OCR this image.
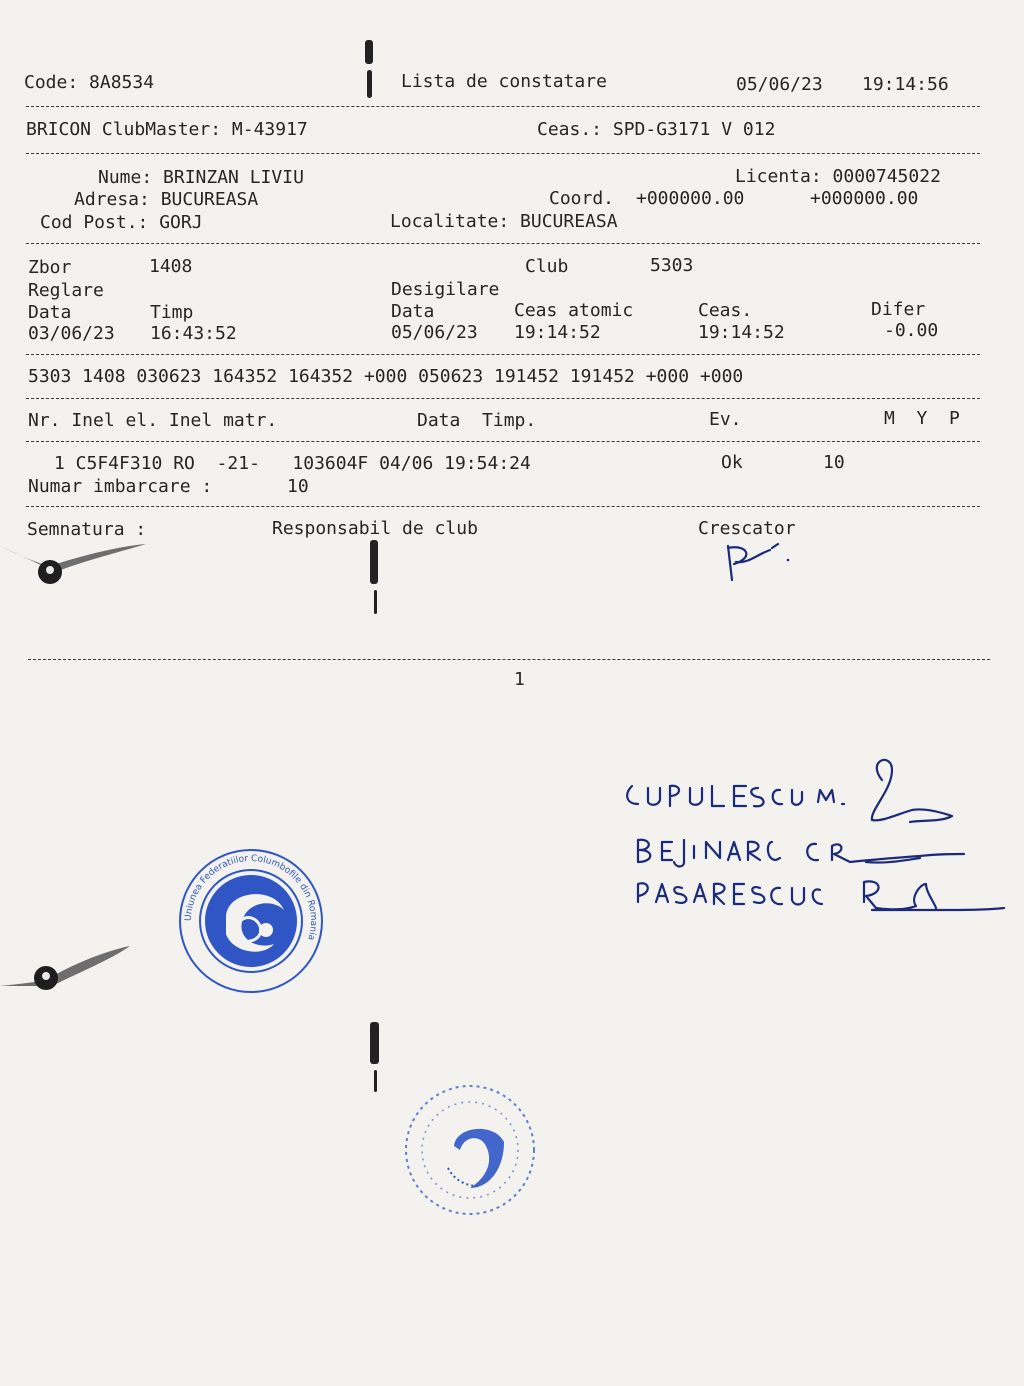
Code: 8A8534	Lista de constatare	05/06/23 19:14:56
BRICON ClubMaster: M-43917	Ceas.: SPD-G3171 V 012
Nume: BRINZAN LIVIU	Licenta: 0000745022
Adresa: BUCUREASA	Coord. +000000.00	+000000.00
Cod Post.: GORJ	Localitate: BUCUREASA
Zbor	1408	Club	5303
Reglare	Desigilare
Data	Timp	Data	Ceas atomic	Ceas.	Difer
03/06/23 16:43:52	05/06/23 19:14:52	19:14:52	-0.00
5303 1408 030623 164352 164352 +000 050623 191452 191452 +000 +000
Nr. Inel el. Inel matr.	Data  Timp.	Ev.	M  Y  P
1 C5F4F310 RO  -21-   103604F 04/06 19:54:24	Ok	10
Numar imbarcare :	10
Semnatura :	Responsabil de club	Crescator
1
Uniunea Federatiilor Columbofile din Romania
